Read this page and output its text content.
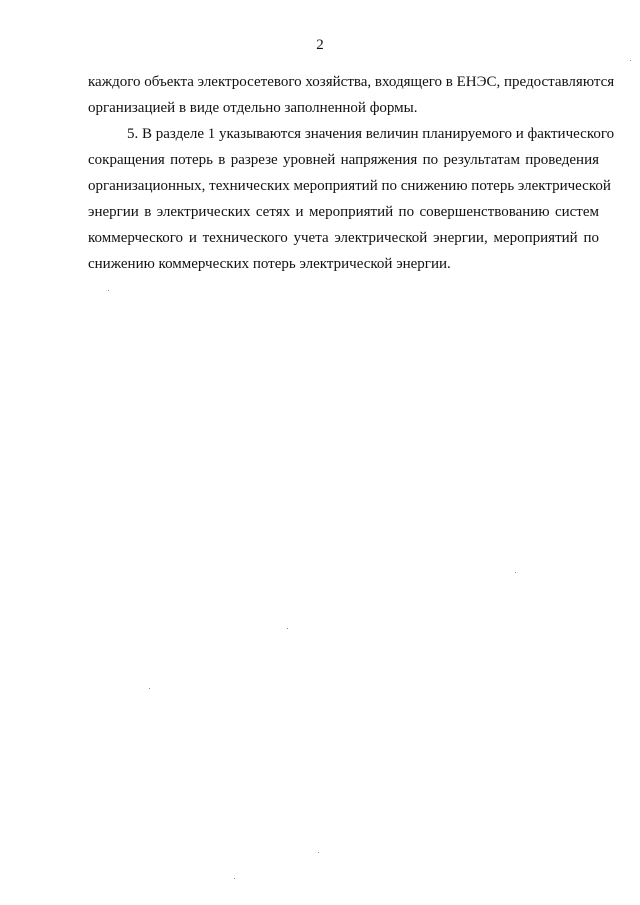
2

каждого объекта электросетевого хозяйства, входящего в ЕНЭС, предоставляются
организацией в виде отдельно заполненной формы.

5. В разделе 1 указываются значения величин планируемого и фактического
сокращения потерь в разрезе уровней напряжения по результатам проведения
организационных, технических мероприятий по снижению потерь электрической
энергии в электрических сетях и мероприятий по совершенствованию систем
коммерческого и технического учета электрической энергии, мероприятий по
снижению коммерческих потерь электрической энергии.
